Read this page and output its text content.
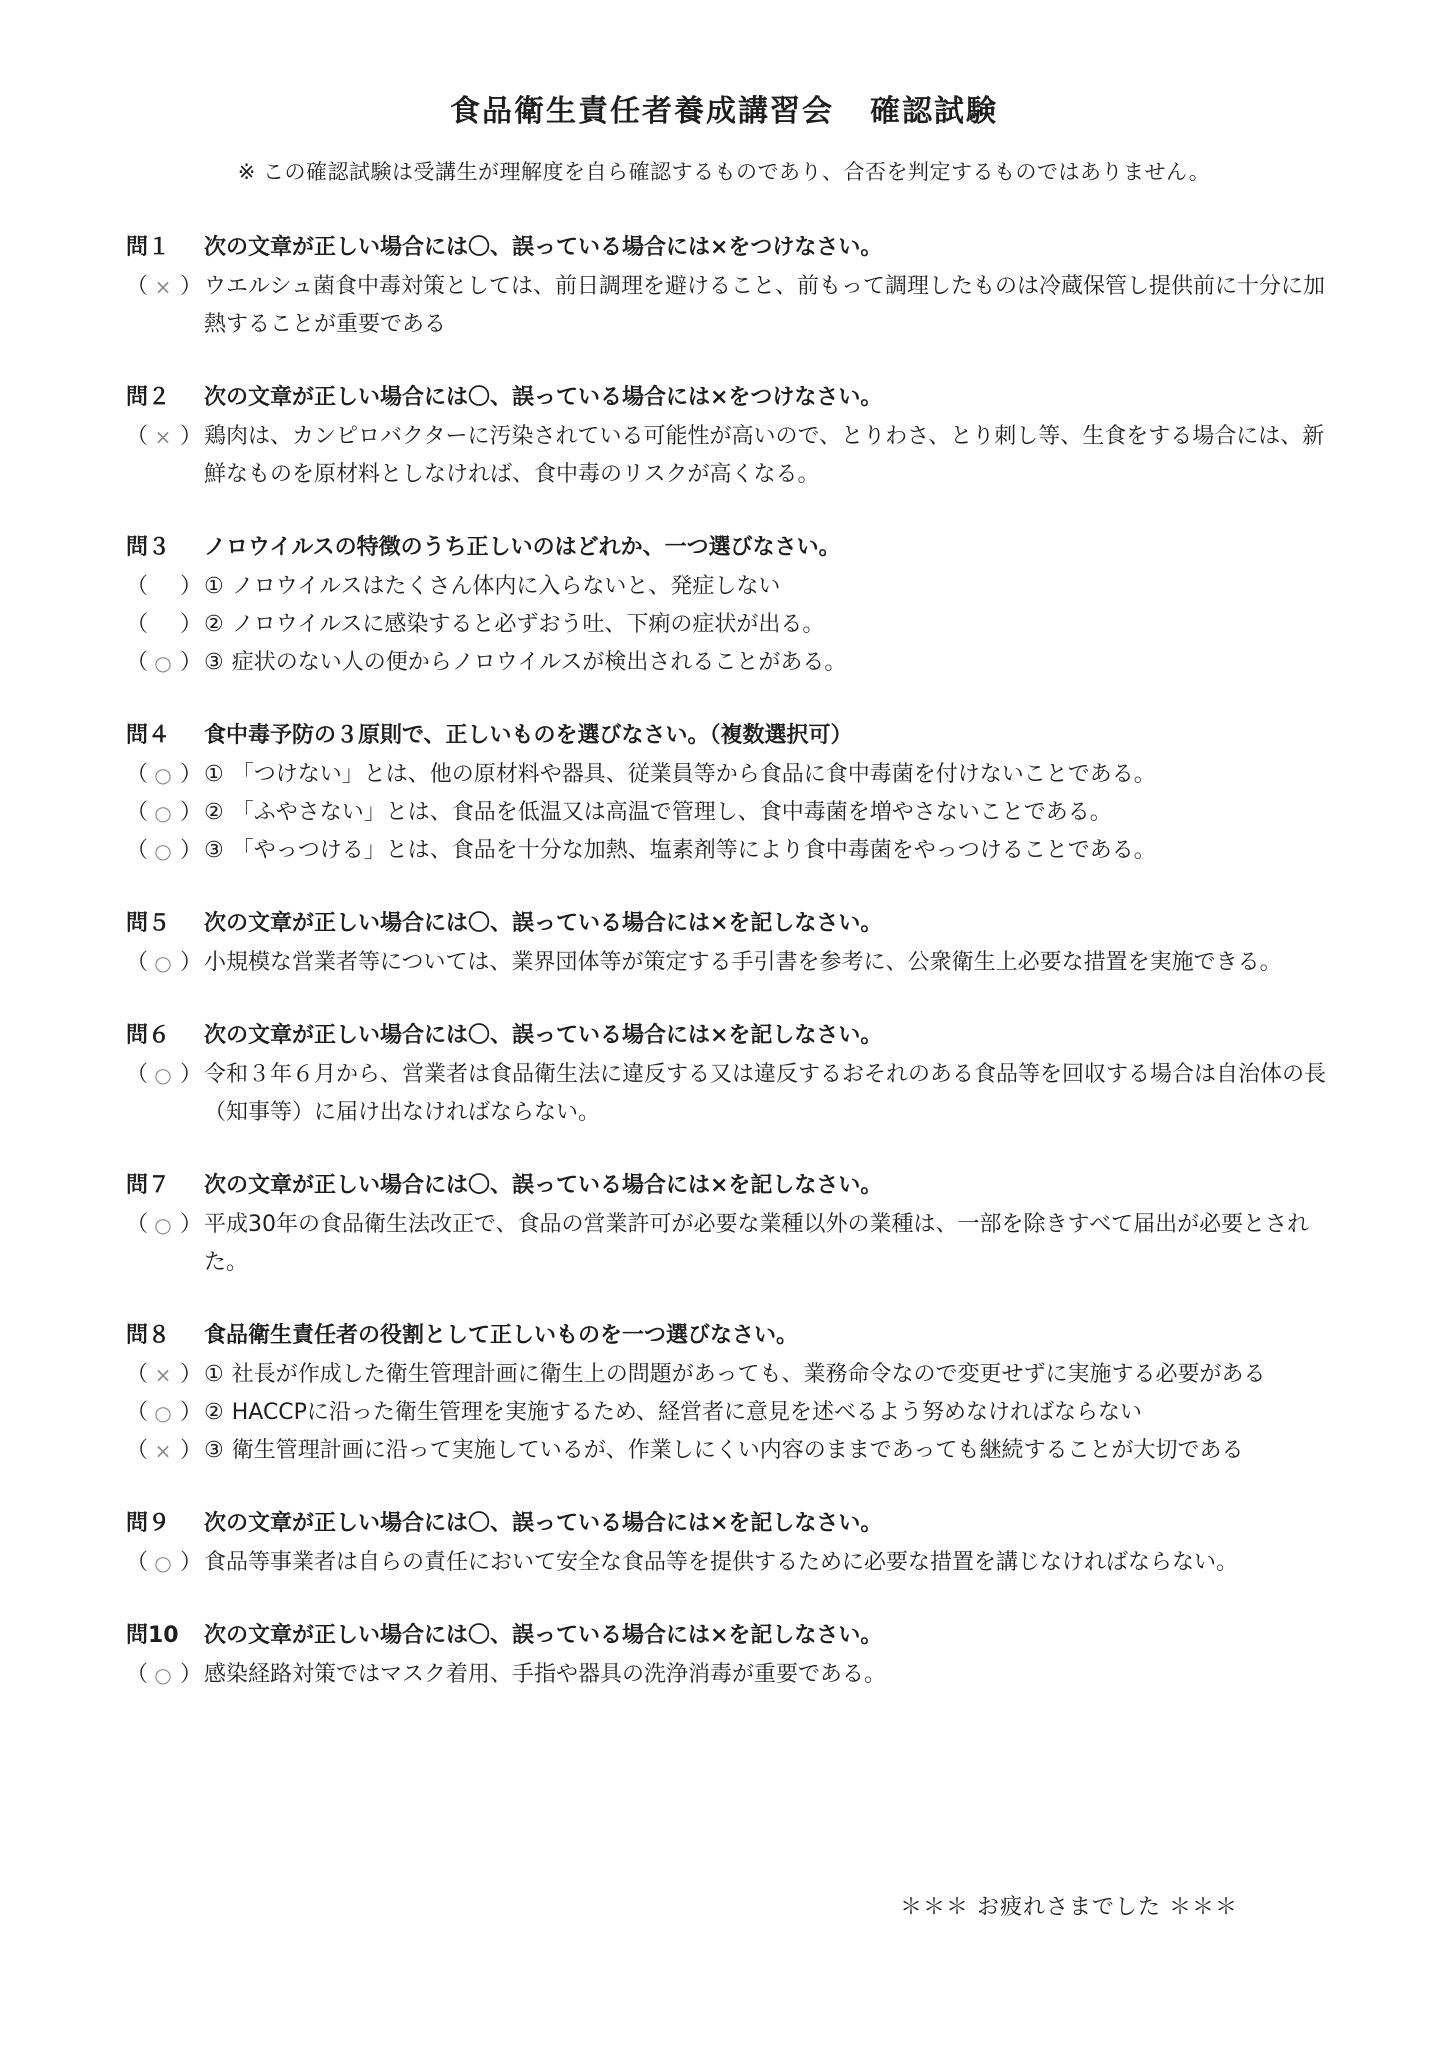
食品衛生責任者養成講習会 確認試験
※ この確認試験は受講生が理解度を自ら確認するものであり、合否を判定するものではありません。
問１ 次の文章が正しい場合には〇、誤っている場合には×をつけなさい。
（ × ） ウエルシュ菌食中毒対策としては、前日調理を避けること、前もって調理したものは冷蔵保管し提供前に十分に加熱することが重要である
問２ 次の文章が正しい場合には〇、誤っている場合には×をつけなさい。
（ × ） 鶏肉は、カンピロバクターに汚染されている可能性が高いので、とりわさ、とり刺し等、生食をする場合には、新鮮なものを原材料としなければ、食中毒のリスクが高くなる。
問３ ノロウイルスの特徴のうち正しいのはどれか、一つ選びなさい。
（ ） ① ノロウイルスはたくさん体内に入らないと、発症しない
（ ） ② ノロウイルスに感染すると必ずおう吐、下痢の症状が出る。
（ ○ ） ③ 症状のない人の便からノロウイルスが検出されることがある。
問４ 食中毒予防の３原則で、正しいものを選びなさい。（複数選択可）
（ ○ ） ① 「つけない」とは、他の原材料や器具、従業員等から食品に食中毒菌を付けないことである。
（ ○ ） ② 「ふやさない」とは、食品を低温又は高温で管理し、食中毒菌を増やさないことである。
（ ○ ） ③ 「やっつける」とは、食品を十分な加熱、塩素剤等により食中毒菌をやっつけることである。
問５ 次の文章が正しい場合には〇、誤っている場合には×を記しなさい。
（ ○ ） 小規模な営業者等については、業界団体等が策定する手引書を参考に、公衆衛生上必要な措置を実施できる。
問６ 次の文章が正しい場合には〇、誤っている場合には×を記しなさい。
（ ○ ） 令和３年６月から、営業者は食品衛生法に違反する又は違反するおそれのある食品等を回収する場合は自治体の長（知事等）に届け出なければならない。
問７ 次の文章が正しい場合には〇、誤っている場合には×を記しなさい。
（ ○ ） 平成30年の食品衛生法改正で、食品の営業許可が必要な業種以外の業種は、一部を除きすべて届出が必要とされた。
問８ 食品衛生責任者の役割として正しいものを一つ選びなさい。
（ × ） ① 社長が作成した衛生管理計画に衛生上の問題があっても、業務命令なので変更せずに実施する必要がある
（ ○ ） ② HACCPに沿った衛生管理を実施するため、経営者に意見を述べるよう努めなければならない
（ × ） ③ 衛生管理計画に沿って実施しているが、作業しにくい内容のままであっても継続することが大切である
問９ 次の文章が正しい場合には〇、誤っている場合には×を記しなさい。
（ ○ ） 食品等事業者は自らの責任において安全な食品等を提供するために必要な措置を講じなければならない。
問10 次の文章が正しい場合には〇、誤っている場合には×を記しなさい。
（ ○ ） 感染経路対策ではマスク着用、手指や器具の洗浄消毒が重要である。
＊＊＊ お疲れさまでした ＊＊＊
